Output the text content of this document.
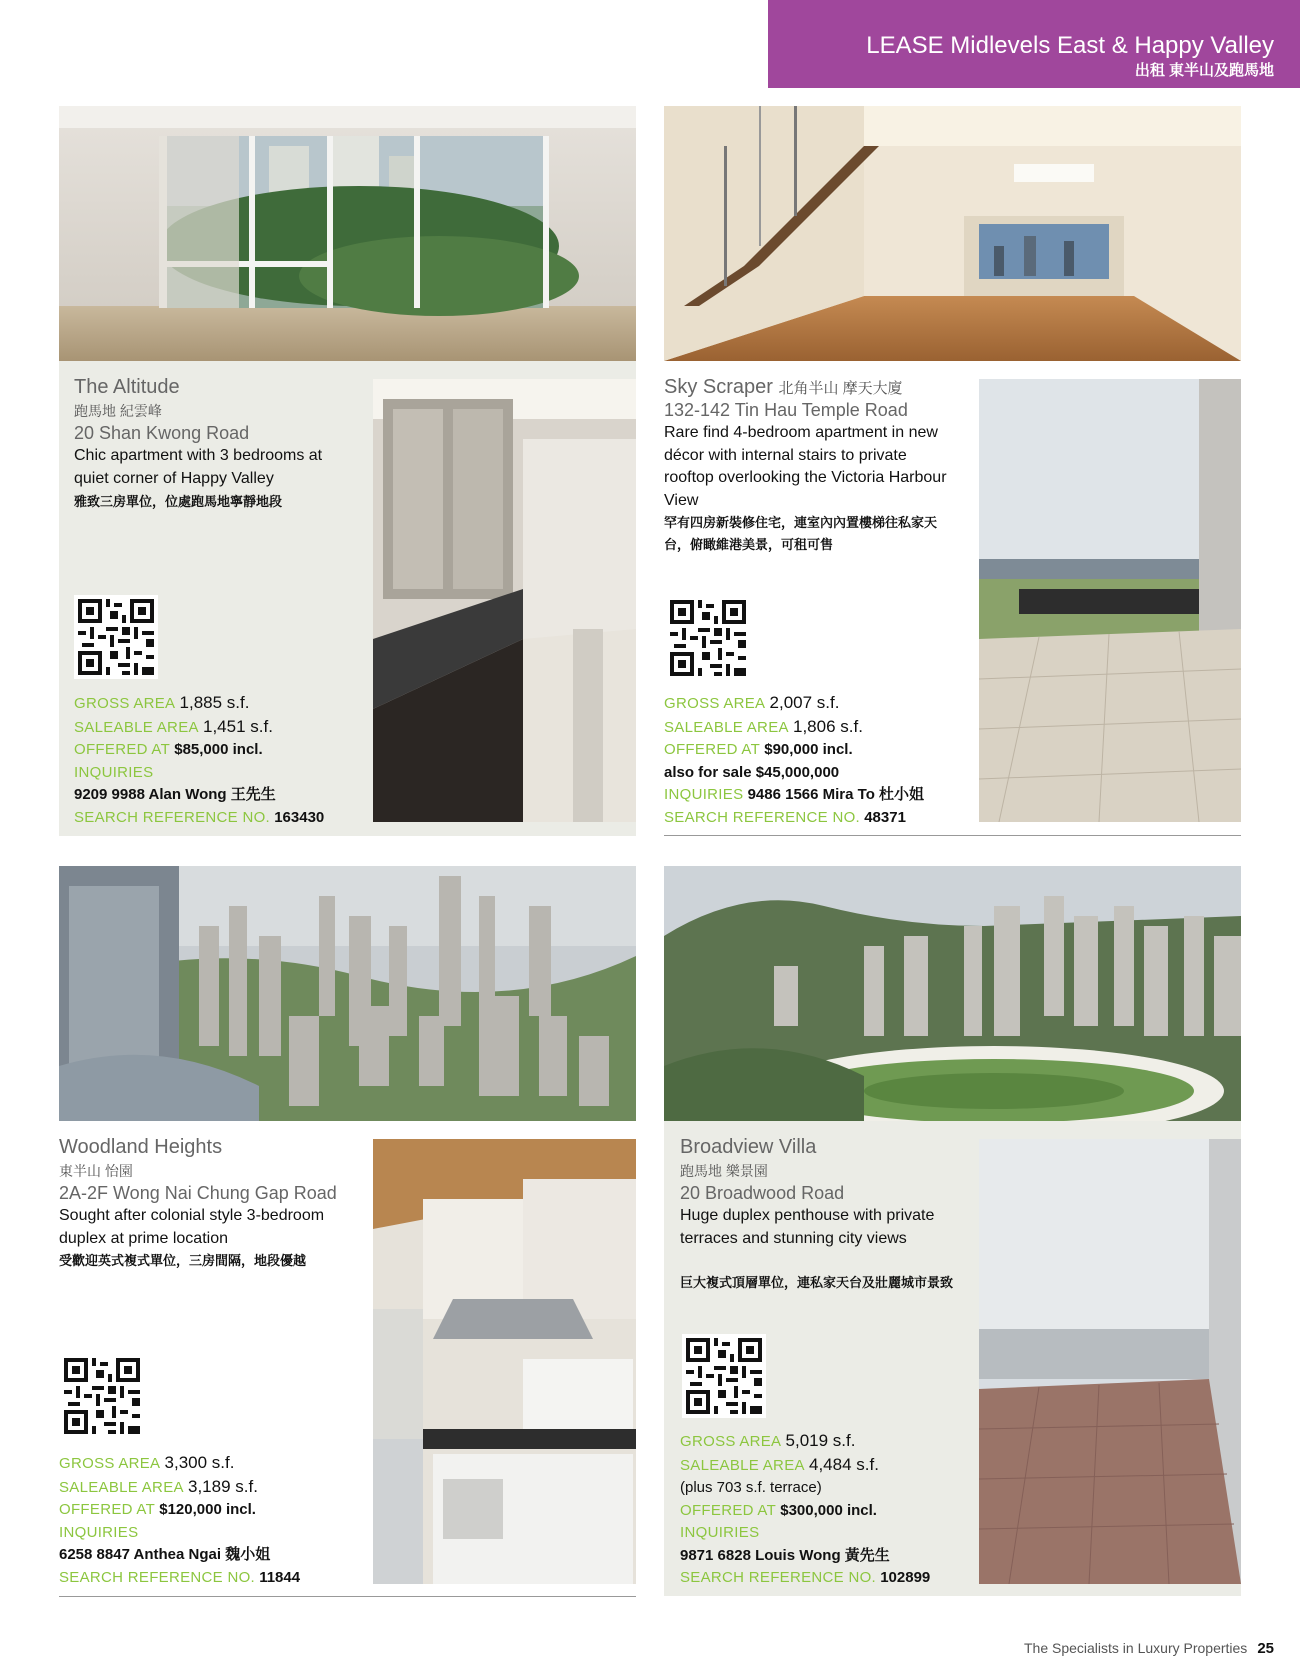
LEASE Midlevels East & Happy Valley
出租 東半山及跑馬地
The Altitude
跑馬地 紀雲峰
20 Shan Kwong Road
Chic apartment with 3 bedrooms at quiet corner of Happy Valley
雅致三房單位，位處跑馬地寧靜地段
GROSS AREA 1,885 s.f.
SALEABLE AREA 1,451 s.f.
OFFERED AT $85,000 incl.
INQUIRIES
9209 9988 Alan Wong 王先生
SEARCH REFERENCE NO. 163430
Sky Scraper 北角半山 摩天大廈
132-142 Tin Hau Temple Road
Rare find 4-bedroom apartment in new décor with internal stairs to private rooftop overlooking the Victoria Harbour View
罕有四房新裝修住宅，連室內內置樓梯往私家天台，俯瞰維港美景，可租可售
GROSS AREA 2,007 s.f.
SALEABLE AREA 1,806 s.f.
OFFERED AT $90,000 incl.
also for sale $45,000,000
INQUIRIES 9486 1566 Mira To 杜小姐
SEARCH REFERENCE NO. 48371
Woodland Heights
東半山 怡園
2A-2F Wong Nai Chung Gap Road
Sought after colonial style 3-bedroom duplex at prime location
受歡迎英式複式單位，三房間隔，地段優越
GROSS AREA 3,300 s.f.
SALEABLE AREA 3,189 s.f.
OFFERED AT $120,000 incl.
INQUIRIES
6258 8847 Anthea Ngai 魏小姐
SEARCH REFERENCE NO. 11844
Broadview Villa
跑馬地 樂景園
20 Broadwood Road
Huge duplex penthouse with private terraces and stunning city views
巨大複式頂層單位，連私家天台及壯麗城市景致
GROSS AREA 5,019 s.f.
SALEABLE AREA 4,484 s.f.
(plus 703 s.f. terrace)
OFFERED AT $300,000 incl.
INQUIRIES
9871 6828 Louis Wong 黃先生
SEARCH REFERENCE NO. 102899
The Specialists in Luxury Properties 25
